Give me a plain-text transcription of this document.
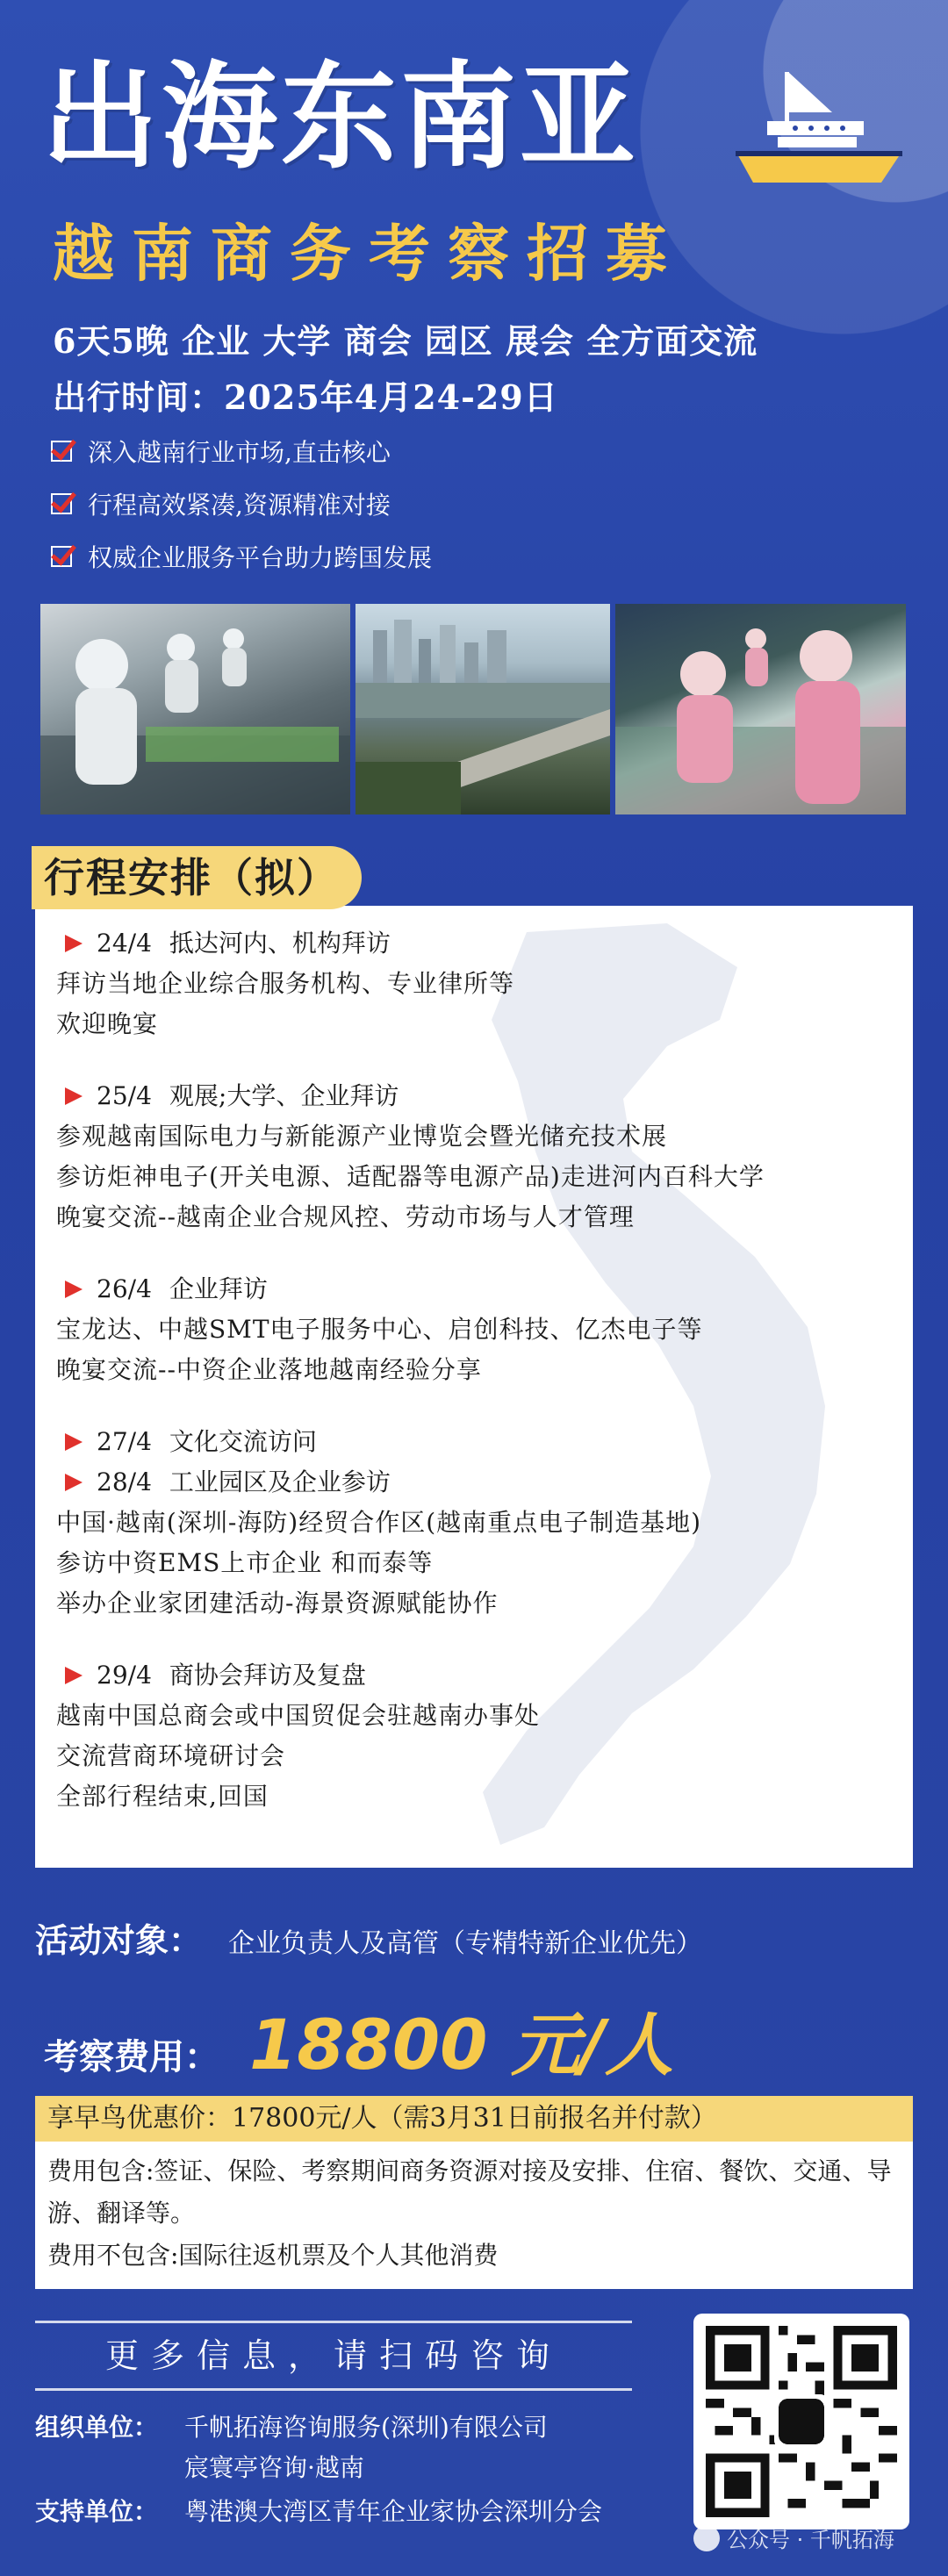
出海东南亚
越南商务考察招募
6天5晚 企业 大学 商会 园区 展会 全方面交流
出行时间：2025年4月24-29日
深入越南行业市场,直击核心
行程高效紧凑,资源精准对接
权威企业服务平台助力跨国发展
24/4 抵达河内、机构拜访
拜访当地企业综合服务机构、专业律所等
欢迎晚宴
25/4 观展;大学、企业拜访
参观越南国际电力与新能源产业博览会暨光储充技术展
参访炬神电子(开关电源、适配器等电源产品)走进河内百科大学
晚宴交流--越南企业合规风控、劳动市场与人才管理
26/4 企业拜访
宝龙达、中越SMT电子服务中心、启创科技、亿杰电子等
晚宴交流--中资企业落地越南经验分享
27/4 文化交流访问
28/4 工业园区及企业参访
中国·越南(深圳-海防)经贸合作区(越南重点电子制造基地)
参访中资EMS上市企业 和而泰等
举办企业家团建活动-海景资源赋能协作
29/4 商协会拜访及复盘
越南中国总商会或中国贸促会驻越南办事处
交流营商环境研讨会
全部行程结束,回国
行程安排（拟）
活动对象： 企业负责人及高管（专精特新企业优先）
考察费用： 18800 元/人
享早鸟优惠价：17800元/人（需3月31日前报名并付款）
费用包含:签证、保险、考察期间商务资源对接及安排、住宿、餐饮、交通、导游、翻译等。
费用不包含:国际往返机票及个人其他消费
更多信息，请扫码咨询
组织单位：	千帆拓海咨询服务(深圳)有限公司
宸寰亭咨询·越南
支持单位：	粤港澳大湾区青年企业家协会深圳分会
公众号 · 千帆拓海
